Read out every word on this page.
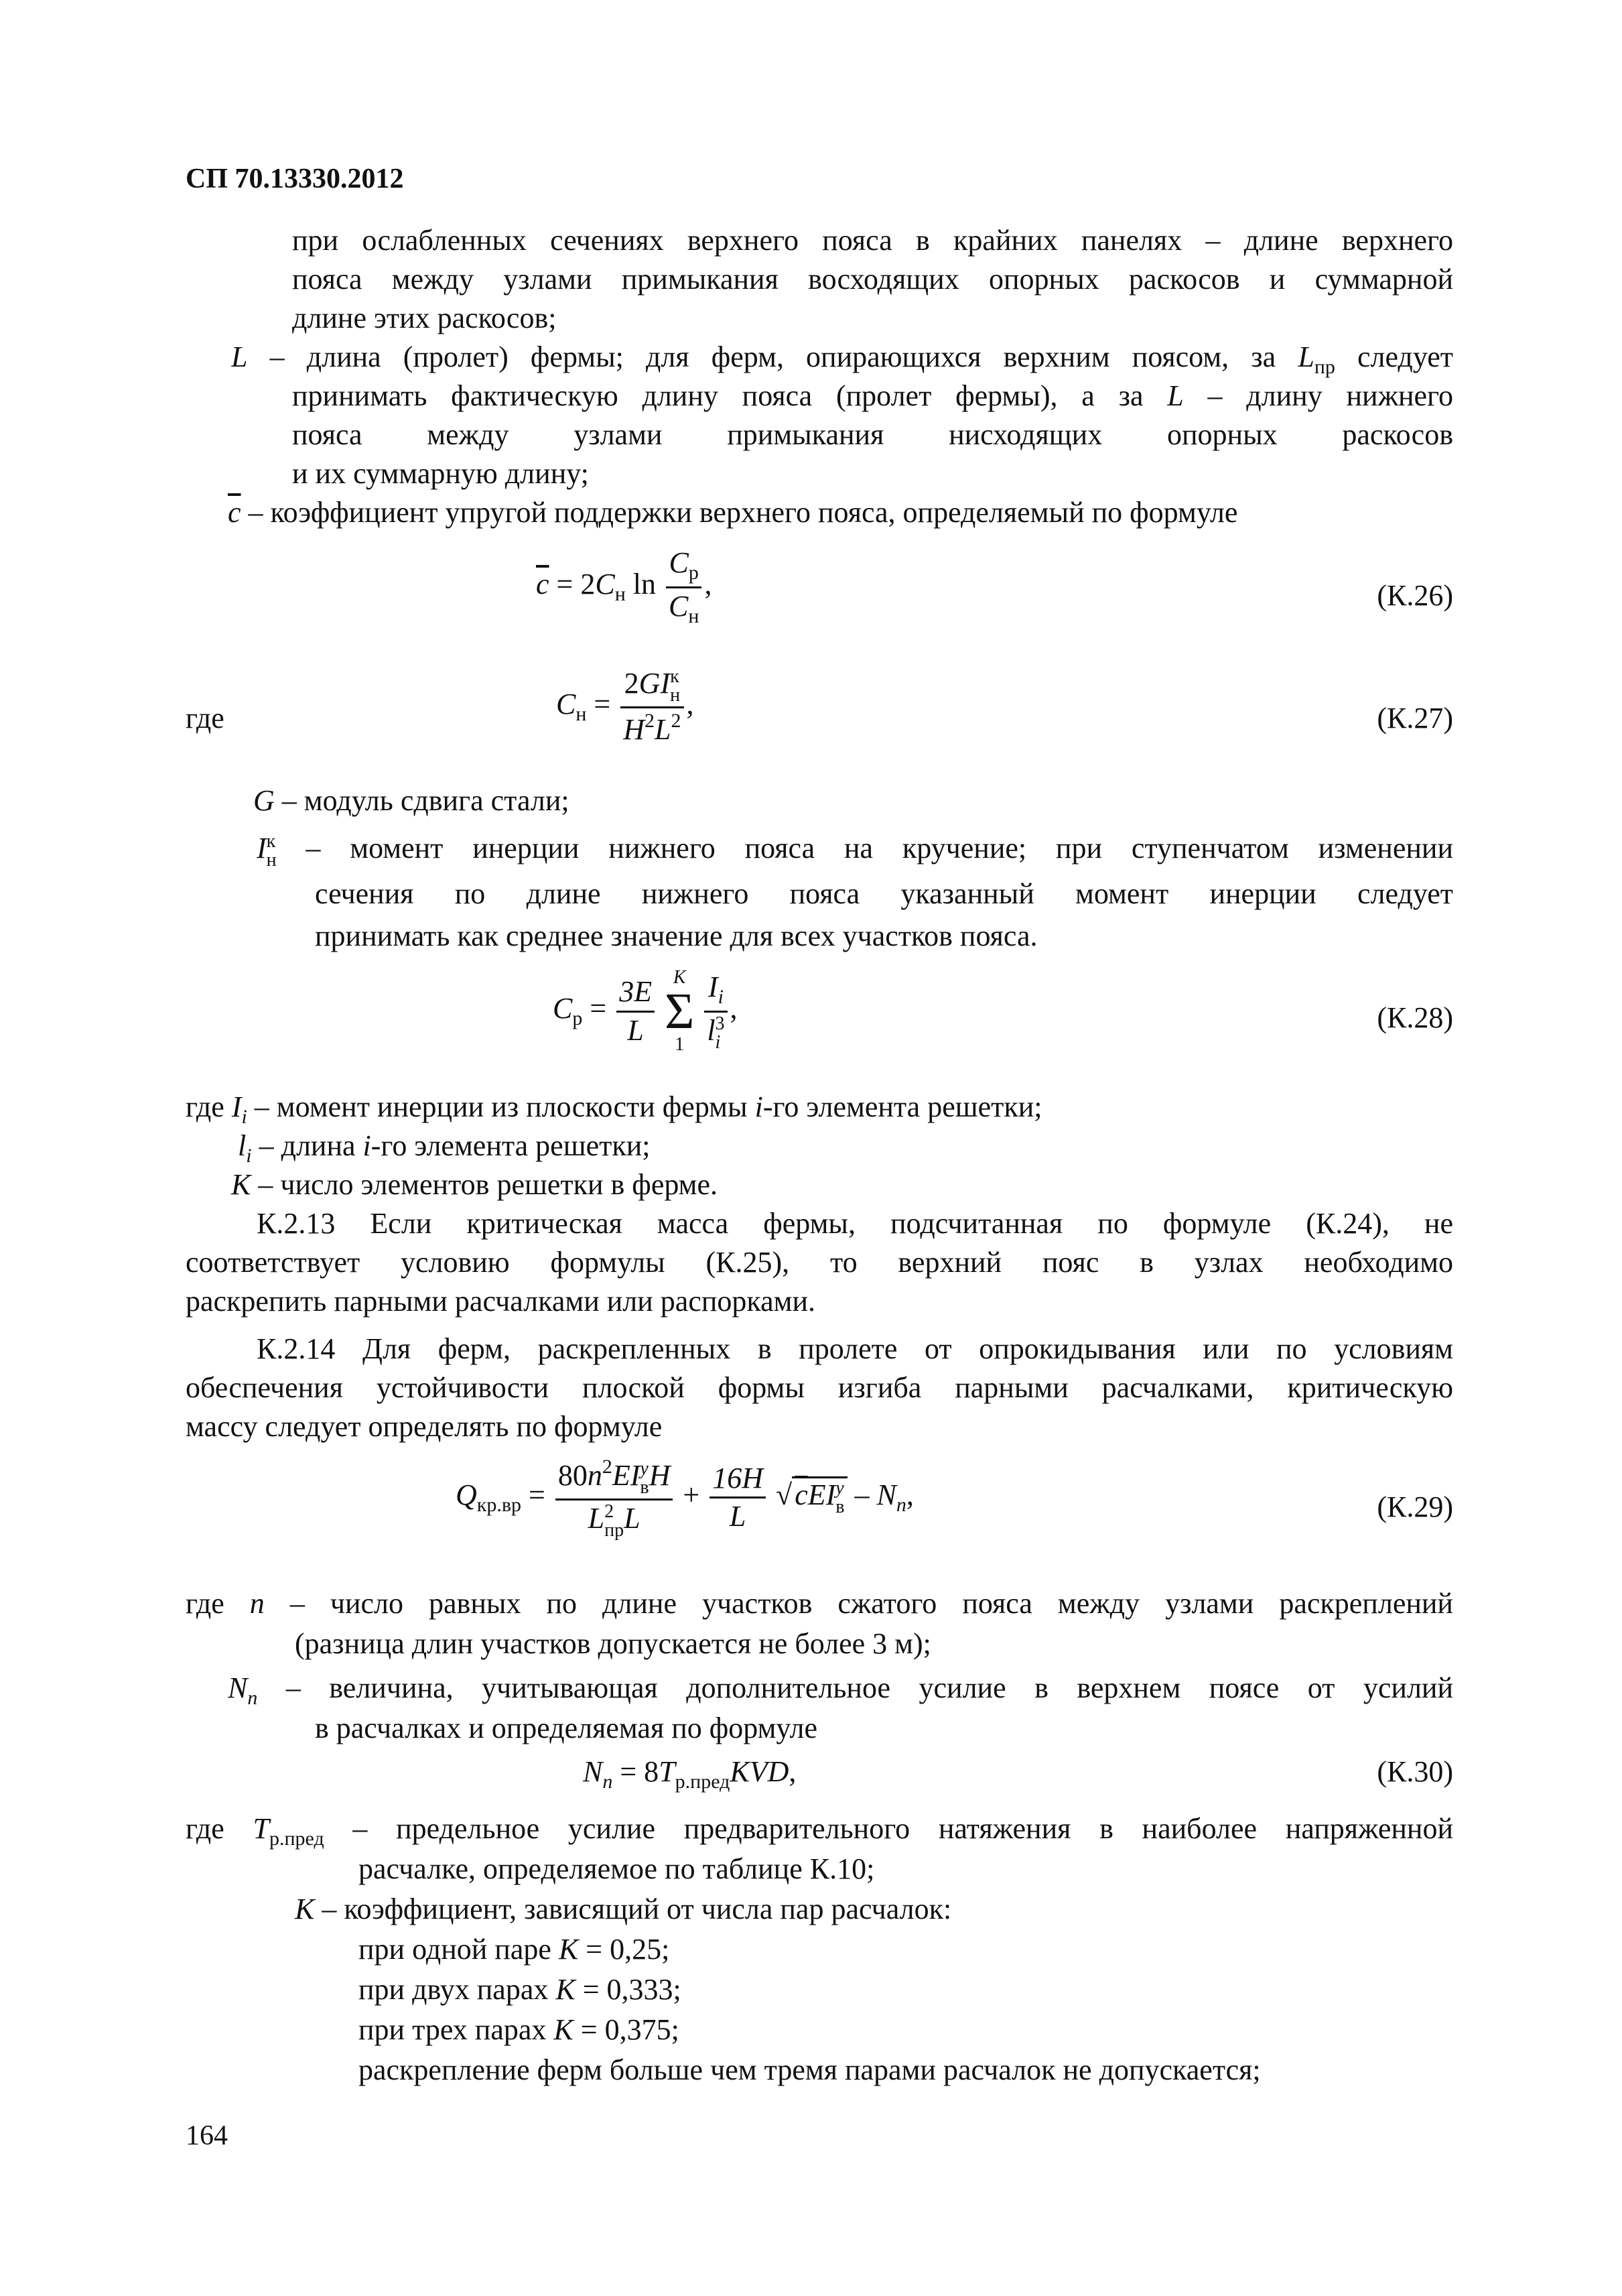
СП 70.13330.2012
при ослабленных сечениях верхнего пояса в крайних панелях – длине верхнего
пояса между узлами примыкания восходящих опорных раскосов и суммарной
длине этих раскосов;
L – длина (пролет) фермы; для ферм, опирающихся верхним поясом, за $L_{пр}$ следует
принимать фактическую длину пояса (пролет фермы), а за L – длину нижнего
пояса между узлами примыкания нисходящих опорных раскосов
и их суммарную длину;
$\overline{c}$ – коэффициент упругой поддержки верхнего пояса, определяемый по формуле
$\overline{c} = 2C_н$ $\ln \frac{C_р}{C_н}$ ,	(К.26)
где	$C_н = 2GI$ к
н
$H^2L^2$ ,	(К.27)
G – модуль сдвига стали;
I к
н – момент инерции нижнего пояса на кручение; при ступенчатом изменении
сечения по длине нижнего пояса указанный момент инерции следует
принимать как среднее значение для всех участков пояса.
$C_р = \frac{3E}{L}$
K
Σ
1
$I_i$
l 3
i ,	(К.28)
где $I_i$ – момент инерции из плоскости фермы i-го элемента решетки;
$l_i$ – длина i-го элемента решетки;
K – число элементов решетки в ферме.
К.2.13 Если критическая масса фермы, подсчитанная по формуле (К.24), не
соответствует условию формулы (К.25), то верхний пояс в узлах необходимо
раскрепить парными расчалками или распорками.
К.2.14 Для ферм, раскрепленных в пролете от опрокидывания или по условиям
обеспечения устойчивости плоской формы изгиба парными расчалками, критическую
массу следует определять по формуле
$Q_{кр.вр} = 80n^2EI$ y
в H
L 2
пр $L + \frac{16H}{L} √cEI$ y
в – $N_n$,	(К.29)
где n – число равных по длине участков сжатого пояса между узлами раскреплений
(разница длин участков допускается не более 3 м);
$N_n$ – величина, учитывающая дополнительное усилие в верхнем поясе от усилий
в расчалках и определяемая по формуле
$N_n = 8T_{р.пред}KVD$,	(К.30)
где $T_{р.пред}$ – предельное усилие предварительного натяжения в наиболее напряженной
расчалке, определяемое по таблице К.10;
K – коэффициент, зависящий от числа пар расчалок:
при одной паре K = 0,25;
при двух парах K = 0,333;
при трех парах K = 0,375;
раскрепление ферм больше чем тремя парами расчалок не допускается;
164
